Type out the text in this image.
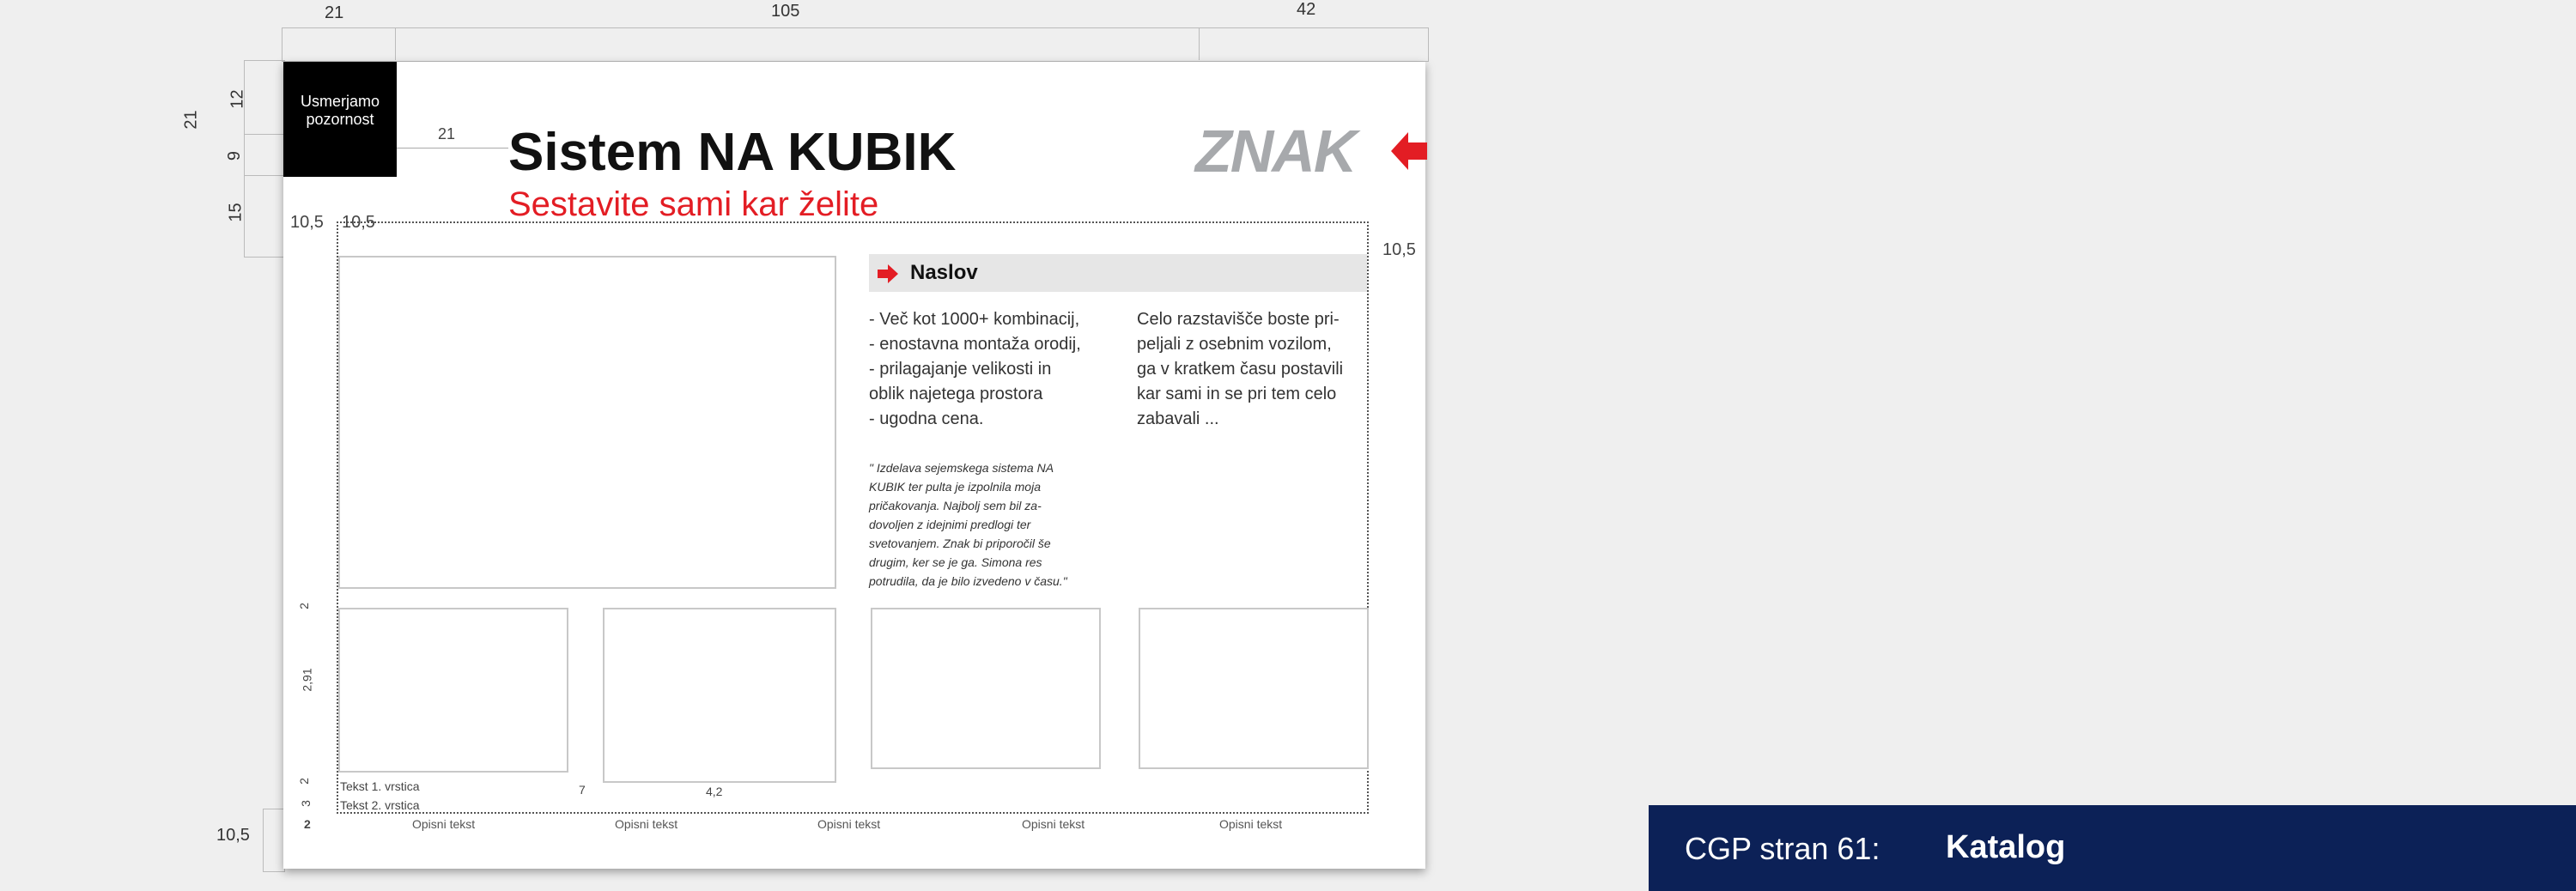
21	105	42
21
12
9
15
10,5
Usmerjamo
pozornost
21 Sistem NA KUBIK
Sestavite sami kar želite
ZNAK
10,5 10,5
10,5
Naslov
- Več kot 1000+ kombinacij,
- enostavna montaža orodij,
- prilagajanje velikosti in
oblik najetega prostora
- ugodna cena.
" Izdelava sejemskega sistema NA
KUBIK ter pulta je izpolnila moja
pričakovanja. Najbolj sem bil za-
dovoljen z idejnimi predlogi ter
svetovanjem. Znak bi priporočil še
drugim, ker se je ga. Simona res
potrudila, da je bilo izvedeno v času."
Celo razstavišče boste pri-
peljali z osebnim vozilom,
ga v kratkem času postavili
kar sami in se pri tem celo
zabavali ...
2
2,91
2
3
2
Tekst 1. vrstica
Tekst 2. vrstica
7	4,2
Opisni tekst	Opisni tekst	Opisni tekst	Opisni tekst	Opisni tekst
CGP stran 61: Katalog
